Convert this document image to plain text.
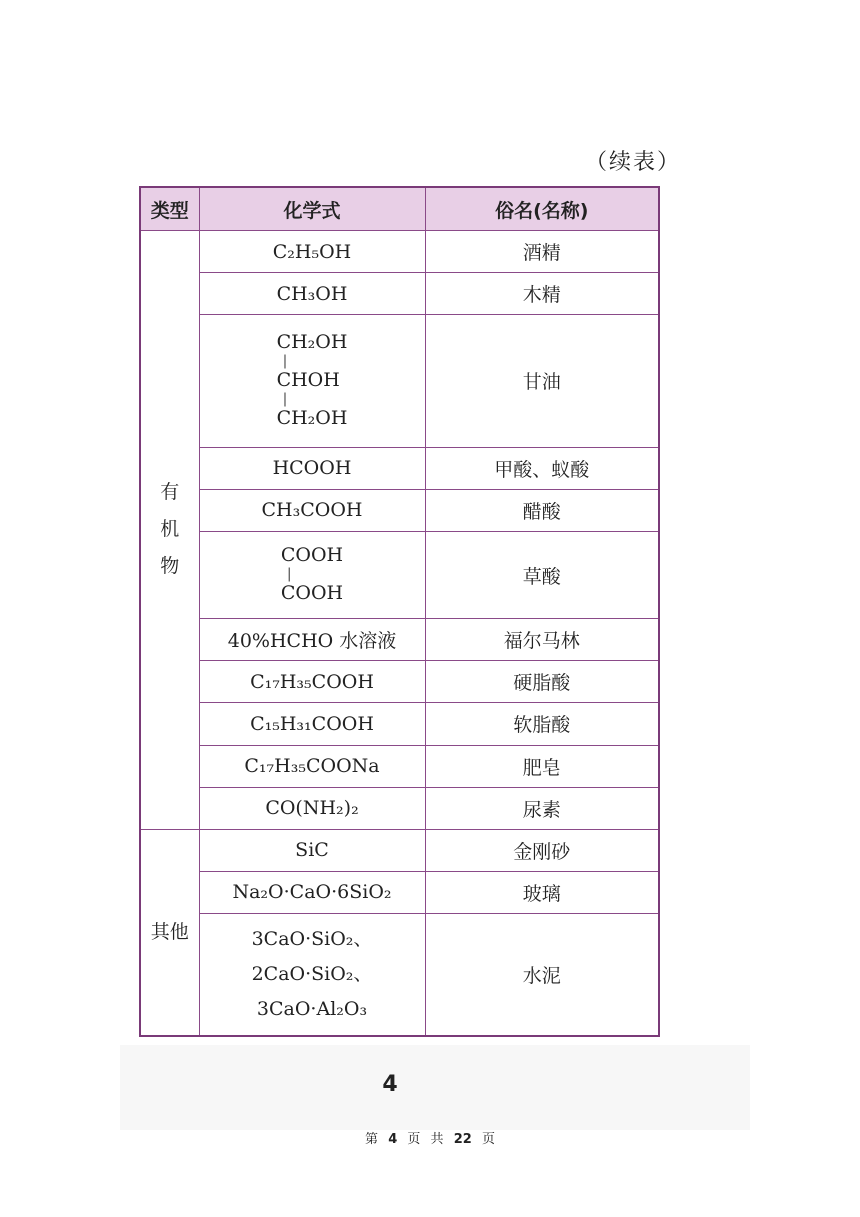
（续表）
类型	化学式	俗名(名称)
有
机
物	C₂H₅OH	酒精
	CH₃OH	木精

	CH₂OH
|
CHOH
|
CH₂OH	甘油
	HCOOH	甲酸、蚁酸
	CH₃COOH	醋酸

	COOH
|
COOH	草酸
	40%HCHO 水溶液	福尔马林
	C₁₇H₃₅COOH	硬脂酸
	C₁₅H₃₁COOH	软脂酸
	C₁₇H₃₅COONa	肥皂
	CO(NH₂)₂	尿素
其他	SiC	金刚砂
	Na₂O·CaO·6SiO₂	玻璃

	3CaO·SiO₂、
2CaO·SiO₂、
3CaO·Al₂O₃	水泥
4
第 4 页 共 22 页
